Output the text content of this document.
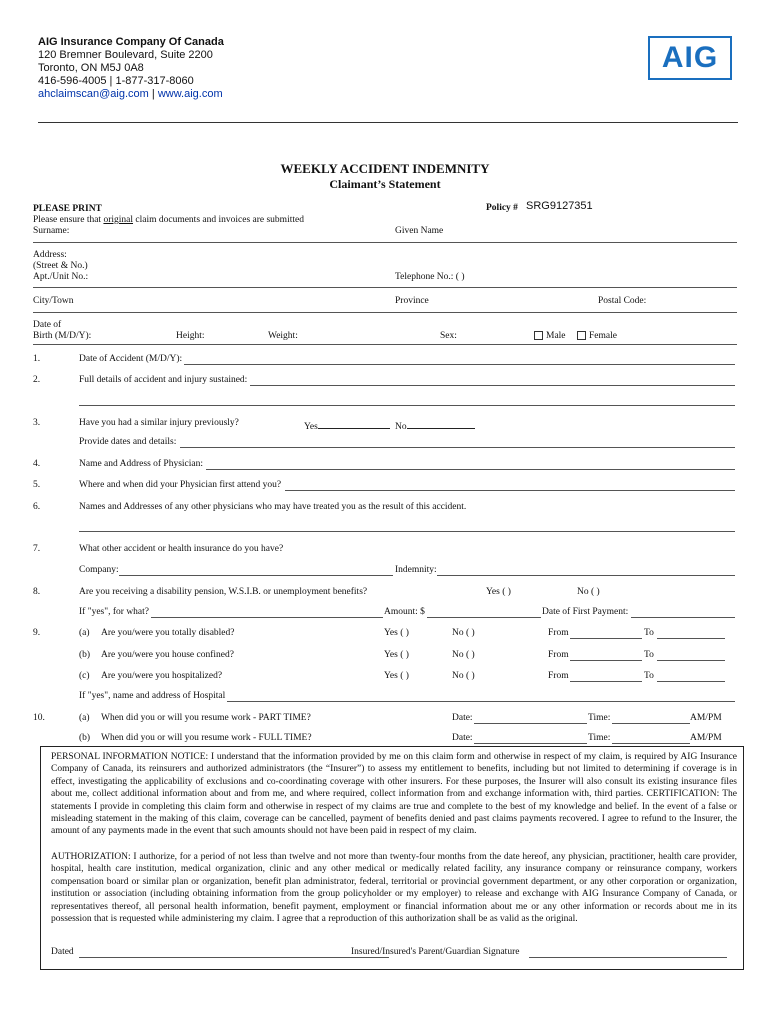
AIG Insurance Company Of Canada
120 Bremner Boulevard, Suite 2200
Toronto, ON M5J 0A8
416-596-4005 | 1-877-317-8060
ahclaimscan@aig.com | www.aig.com
AIG
WEEKLY ACCIDENT INDEMNITY
Claimant’s Statement
Policy # SRG9127351
PLEASE PRINT
Please ensure that original claim documents and invoices are submitted
Surname:	Given Name
Address:
(Street & No.)
Apt./Unit No.:	Telephone No.: ( )
City/Town	Province	Postal Code:
Date of
Birth (M/D/Y):	Height:	Weight:	Sex:	Male	Female
1.	Date of Accident (M/D/Y):
2.	Full details of accident and injury sustained:
3.	Have you had a similar injury previously?	Yes	No
Provide dates and details:
4.	Name and Address of Physician:
5.	Where and when did your Physician first attend you?
6.	Names and Addresses of any other physicians who may have treated you as the result of this accident.
7.	What other accident or health insurance do you have?
Company:	Indemnity:
8.	Are you receiving a disability pension, W.S.I.B. or unemployment benefits?	Yes ( )	No ( )
If "yes", for what?	Amount: $	Date of First Payment:
9.	(a) Are you/were you totally disabled?	Yes ( )	No ( )	From	To
(b) Are you/were you house confined?	Yes ( )	No ( )	From	To
(c) Are you/were you hospitalized?	Yes ( )	No ( )	From	To
If "yes", name and address of Hospital
10.	(a) When did you or will you resume work - PART TIME?	Date:	Time:	AM/PM
(b) When did you or will you resume work - FULL TIME?	Date:	Time:	AM/PM

PERSONAL INFORMATION NOTICE: I understand that the information provided by me on this claim form and otherwise in respect of my claim, is required by AIG Insurance Company of Canada, its reinsurers and authorized administrators (the “Insurer”) to assess my entitlement to benefits, including but not limited to determining if coverage is in effect, investigating the applicability of exclusions and co-coordinating coverage with other insurers. For these purposes, the Insurer will also consult its existing insurance files about me, collect additional information about and from me, and where required, collect information from and exchange information with, third parties. CERTIFICATION: The statements I provide in completing this claim form and otherwise in respect of my claims are true and complete to the best of my knowledge and belief. In the event of a false or misleading statement in the making of this claim, coverage can be cancelled, payment of benefits denied and past claims payments recovered. I agree to refund to the Insurer, the amount of any payments made in the event that such amounts should not have been paid in respect of my claim.

AUTHORIZATION: I authorize, for a period of not less than twelve and not more than twenty-four months from the date hereof, any physician, practitioner, health care provider, hospital, health care institution, medical organization, clinic and any other medical or medically related facility, any insurance company or reinsurance company, workers compensation board or similar plan or organization, benefit plan administrator, federal, territorial or provincial government department, or any other corporation or organization, institution or association (including obtaining information from the group policyholder or my employer) to release and exchange with AIG Insurance Company of Canada, or representatives thereof, all personal health information, benefit payment, employment or financial information about me or any other information or records about me in its possession that is requested while administering my claim. I agree that a reproduction of this authorization shall be as valid as the original.

Dated	Insured/Insured's Parent/Guardian Signature
